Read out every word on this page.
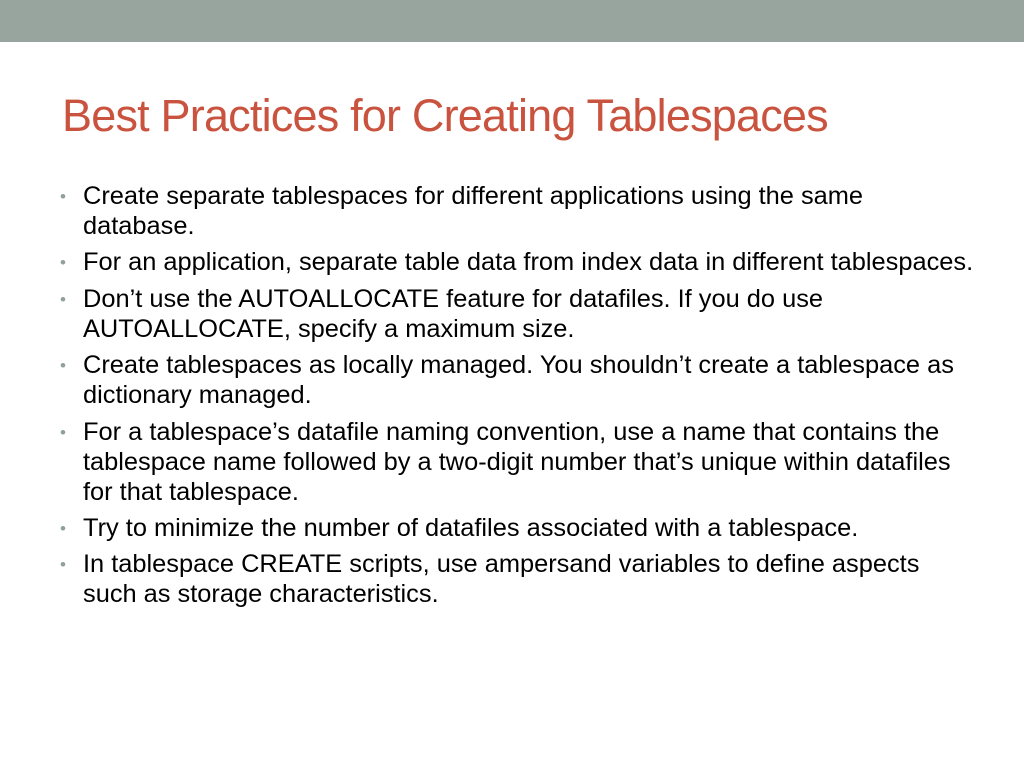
Best Practices for Creating Tablespaces
• Create separate tablespaces for different applications using the same database.
• For an application, separate table data from index data in different tablespaces.
• Don’t use the AUTOALLOCATE feature for datafiles. If you do use AUTOALLOCATE, specify a maximum size.
• Create tablespaces as locally managed. You shouldn’t create a tablespace as dictionary managed.
• For a tablespace’s datafile naming convention, use a name that contains the tablespace name followed by a two-digit number that’s unique within datafiles for that tablespace.
• Try to minimize the number of datafiles associated with a tablespace.
• In tablespace CREATE scripts, use ampersand variables to define aspects such as storage characteristics.
